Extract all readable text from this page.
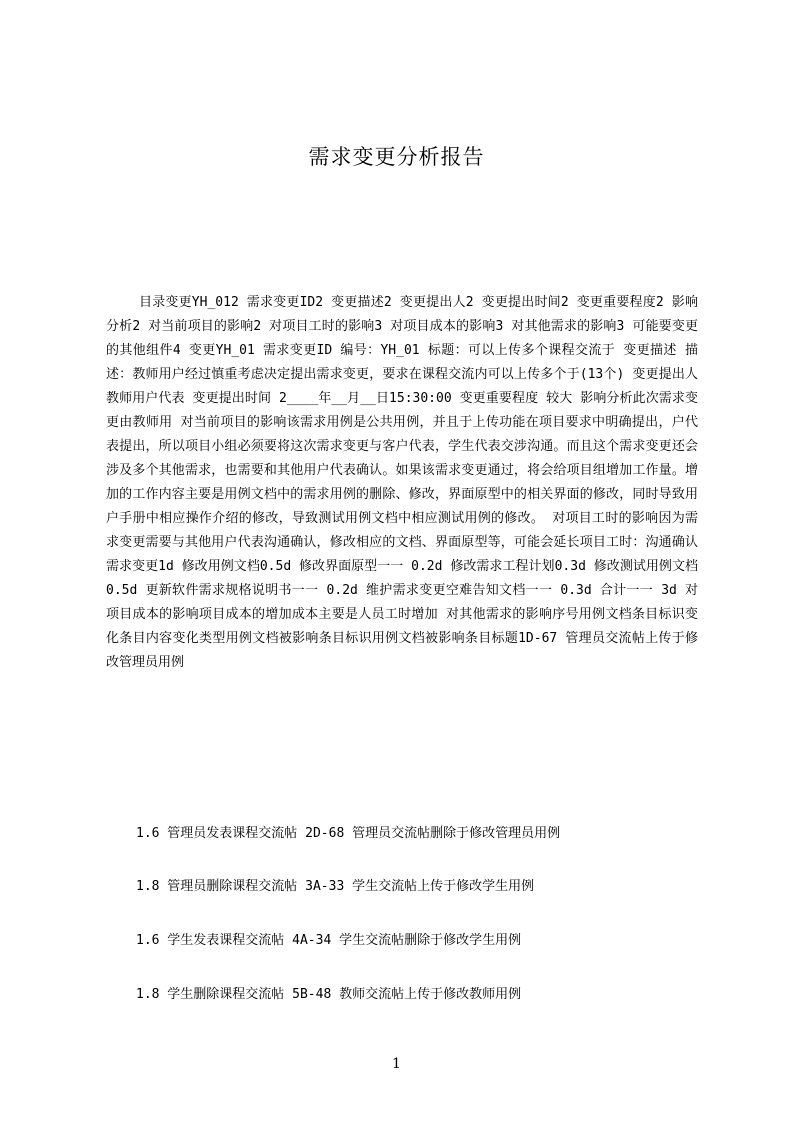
需求变更分析报告
目录变更YH_012 需求变更ID2 变更描述2 变更提出人2 变更提出时间2 变更重要程度2 影响分析2 对当前项目的影响2 对项目工时的影响3 对项目成本的影响3 对其他需求的影响3 可能要变更的其他组件4 变更YH_01 需求变更ID 编号：YH_01 标题：可以上传多个课程交流于 变更描述 描述：教师用户经过慎重考虑决定提出需求变更，要求在课程交流内可以上传多个于(13个) 变更提出人 教师用户代表 变更提出时间 2____年__月__日15:30:00 变更重要程度 较大 影响分析此次需求变更由教师用 对当前项目的影响该需求用例是公共用例，并且于上传功能在项目要求中明确提出，户代表提出，所以项目小组必须要将这次需求变更与客户代表，学生代表交涉沟通。而且这个需求变更还会涉及多个其他需求，也需要和其他用户代表确认。如果该需求变更通过，将会给项目组增加工作量。增加的工作内容主要是用例文档中的需求用例的删除、修改，界面原型中的相关界面的修改，同时导致用户手册中相应操作介绍的修改，导致测试用例文档中相应测试用例的修改。 对项目工时的影响因为需求变更需要与其他用户代表沟通确认，修改相应的文档、界面原型等，可能会延长项目工时：沟通确认需求变更1d 修改用例文档0.5d 修改界面原型一一 0.2d 修改需求工程计划0.3d 修改测试用例文档0.5d 更新软件需求规格说明书一一 0.2d 维护需求变更空难告知文档一一 0.3d 合计一一 3d 对项目成本的影响项目成本的增加成本主要是人员工时增加 对其他需求的影响序号用例文档条目标识变化条目内容变化类型用例文档被影响条目标识用例文档被影响条目标题1D-67 管理员交流帖上传于修改管理员用例
1.6 管理员发表课程交流帖 2D-68 管理员交流帖删除于修改管理员用例
1.8 管理员删除课程交流帖 3A-33 学生交流帖上传于修改学生用例
1.6 学生发表课程交流帖 4A-34 学生交流帖删除于修改学生用例
1.8 学生删除课程交流帖 5B-48 教师交流帖上传于修改教师用例
1
